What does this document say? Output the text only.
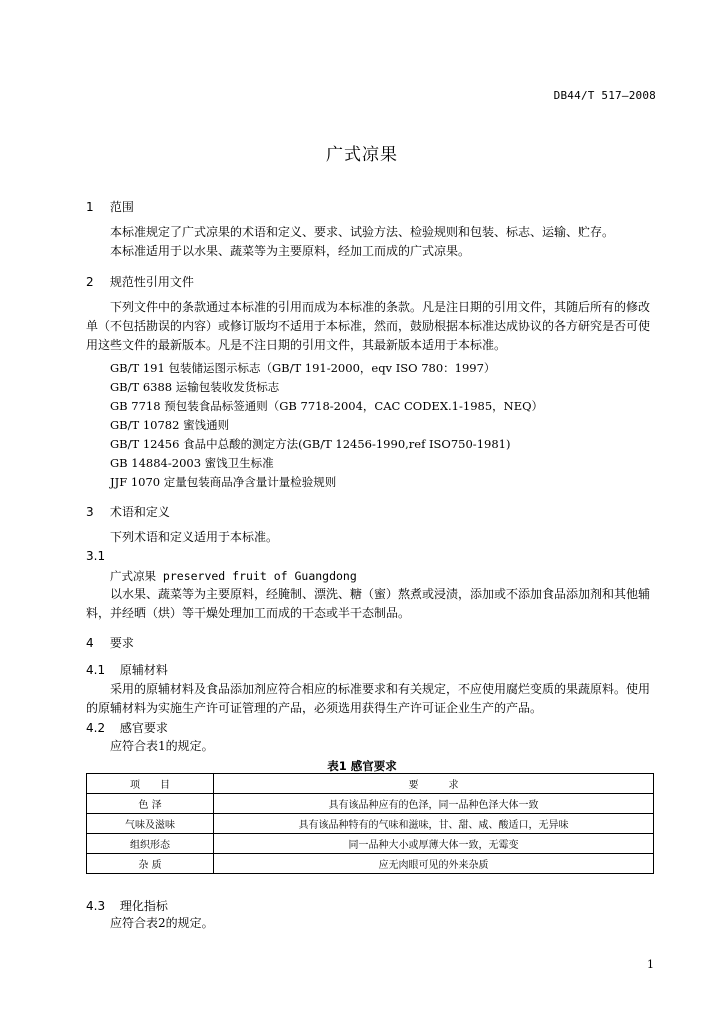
DB44/T 517—2008
广式凉果
1 范围
本标准规定了广式凉果的术语和定义、要求、试验方法、检验规则和包装、标志、运输、贮存。
本标准适用于以水果、蔬菜等为主要原料，经加工而成的广式凉果。
2 规范性引用文件
下列文件中的条款通过本标准的引用而成为本标准的条款。凡是注日期的引用文件，其随后所有的修改单（不包括勘误的内容）或修订版均不适用于本标准，然而，鼓励根据本标准达成协议的各方研究是否可使用这些文件的最新版本。凡是不注日期的引用文件，其最新版本适用于本标准。
GB/T 191 包装储运图示标志（GB/T 191-2000，eqv ISO 780：1997）
GB/T 6388 运输包装收发货标志
GB 7718 预包装食品标签通则（GB 7718-2004，CAC CODEX.1-1985，NEQ）
GB/T 10782 蜜饯通则
GB/T 12456 食品中总酸的测定方法(GB/T 12456-1990,ref ISO750-1981)
GB 14884-2003 蜜饯卫生标准
JJF 1070 定量包装商品净含量计量检验规则
3 术语和定义
下列术语和定义适用于本标准。
3.1
广式凉果 preserved fruit of Guangdong
以水果、蔬菜等为主要原料，经腌制、漂洗、糖（蜜）熬煮或浸渍，添加或不添加食品添加剂和其他辅料，并经晒（烘）等干燥处理加工而成的干态或半干态制品。
4 要求
4.1 原辅材料
采用的原辅材料及食品添加剂应符合相应的标准要求和有关规定，不应使用腐烂变质的果蔬原料。使用的原辅材料为实施生产许可证管理的产品，必须选用获得生产许可证企业生产的产品。
4.2 感官要求
应符合表1的规定。
表1 感官要求
项　　目	要　　　求
色 泽	具有该品种应有的色泽，同一品种色泽大体一致
气味及滋味	具有该品种特有的气味和滋味，甘、甜、咸、酸适口，无异味
组织形态	同一品种大小或厚薄大体一致，无霉变
杂 质	应无肉眼可见的外来杂质
4.3 理化指标
应符合表2的规定。
1
